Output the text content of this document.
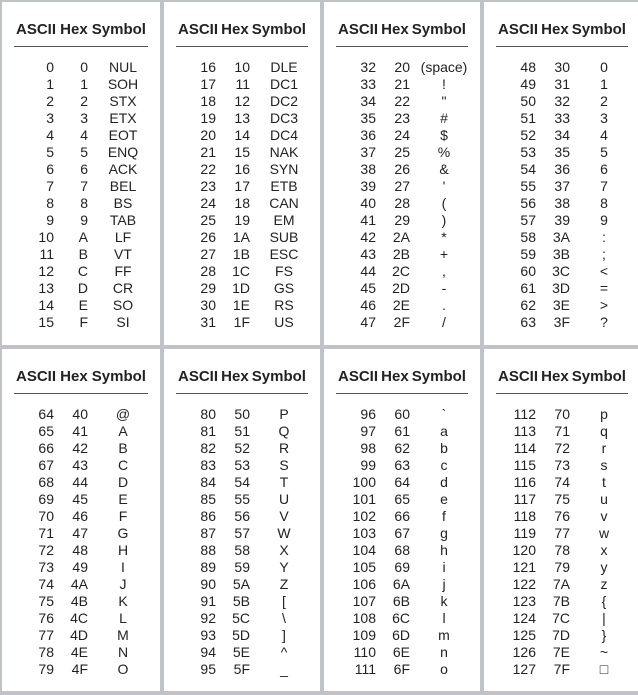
ASCII Hex Symbol
0	0	NUL
1	1	SOH
2	2	STX
3	3	ETX
4	4	EOT
5	5	ENQ
6	6	ACK
7	7	BEL
8	8	BS
9	9	TAB
10	A	LF
11	B	VT
12	C	FF
13	D	CR
14	E	SO
15	F	SI
ASCII Hex Symbol
16	10	DLE
17	11	DC1
18	12	DC2
19	13	DC3
20	14	DC4
21	15	NAK
22	16	SYN
23	17	ETB
24	18	CAN
25	19	EM
26	1A	SUB
27	1B	ESC
28	1C	FS
29	1D	GS
30	1E	RS
31	1F	US
ASCII Hex Symbol
32	20 (space)
33	21	!
34	22	"
35	23	#
36	24	$
37	25	%
38	26	&
39	27	'
40	28	(
41	29	)
42	2A	*
43	2B	+
44	2C	,
45	2D	-
46	2E	.
47	2F	/
ASCII Hex Symbol
48	30	0
49	31	1
50	32	2
51	33	3
52	34	4
53	35	5
54	36	6
55	37	7
56	38	8
57	39	9
58	3A	:
59	3B	;
60	3C	<
61	3D	=
62	3E	>
63	3F	?
ASCII Hex Symbol
64	40	@
65	41	A
66	42	B
67	43	C
68	44	D
69	45	E
70	46	F
71	47	G
72	48	H
73	49	I
74	4A	J
75	4B	K
76	4C	L
77	4D	M
78	4E	N
79	4F	O
ASCII Hex Symbol
80	50	P
81	51	Q
82	52	R
83	53	S
84	54	T
85	55	U
86	56	V
87	57	W
88	58	X
89	59	Y
90	5A	Z
91	5B	[
92	5C	\
93	5D	]
94	5E	^
95	5F	_
ASCII Hex Symbol
96	60	`
97	61	a
98	62	b
99	63	c
100	64	d
101	65	e
102	66	f
103	67	g
104	68	h
105	69	i
106	6A	j
107	6B	k
108	6C	l
109	6D	m
110	6E	n
111	6F	o
ASCII Hex Symbol
112	70	p
113	71	q
114	72	r
115	73	s
116	74	t
117	75	u
118	76	v
119	77	w
120	78	x
121	79	y
122	7A	z
123	7B	{
124	7C	|
125	7D	}
126	7E	~
127	7F	□
